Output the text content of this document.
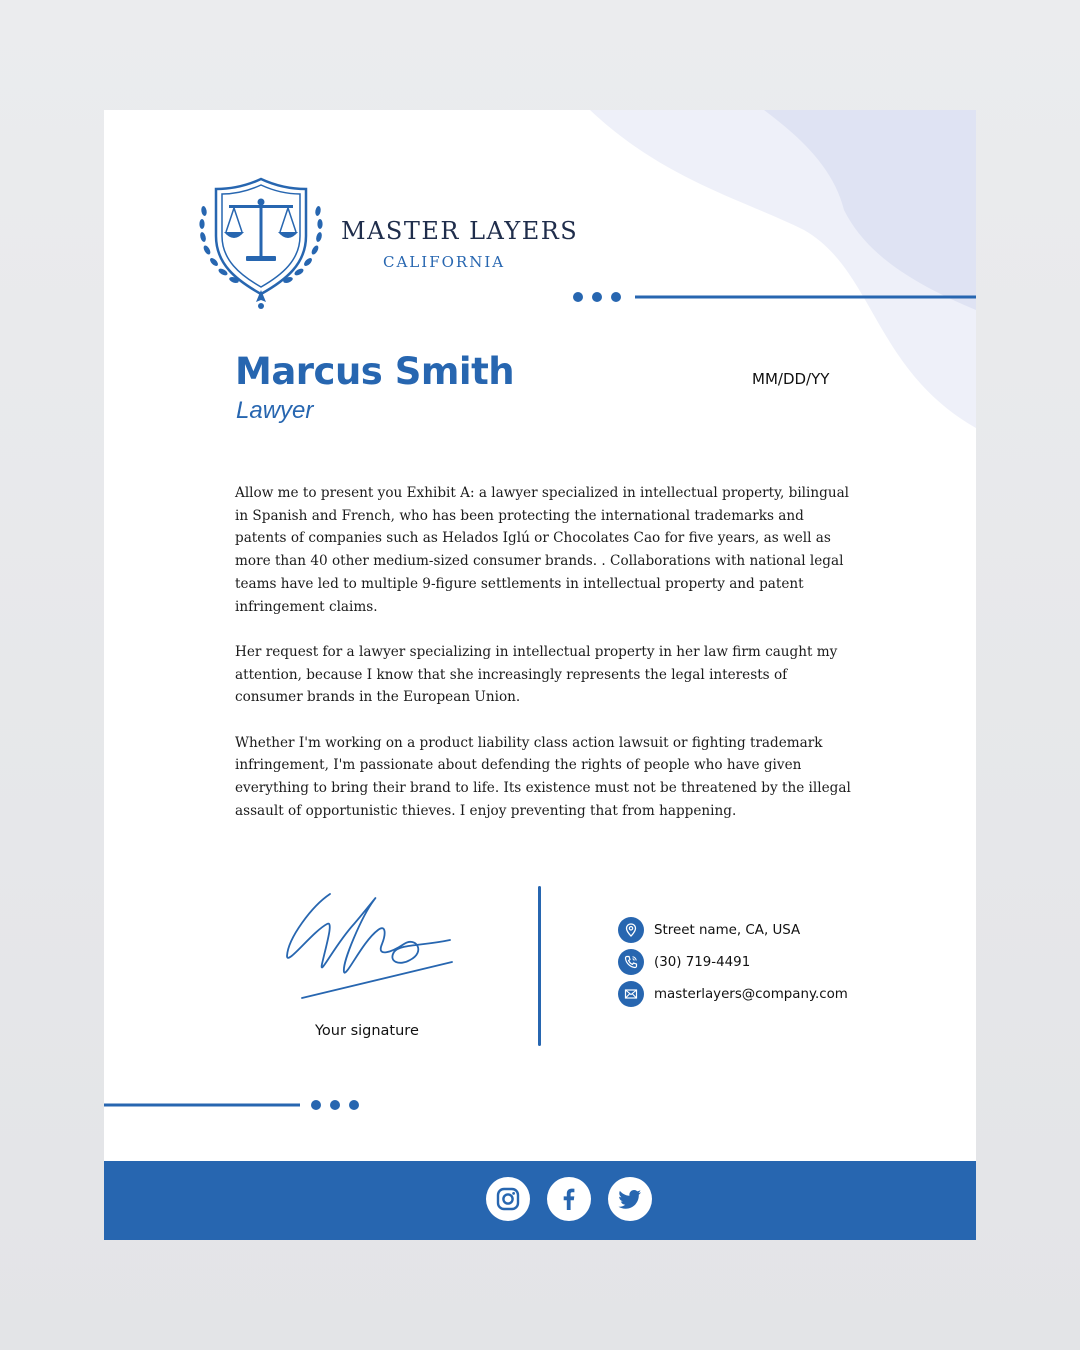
MASTER LAYERS
CALIFORNIA
Marcus Smith
Lawyer
MM/DD/YY

Allow me to present you Exhibit A: a lawyer specialized in intellectual property, bilingual in Spanish and French, who has been protecting the international trademarks and patents of companies such as Helados Iglú or Chocolates Cao for five years, as well as more than 40 other medium-sized consumer brands. . Collaborations with national legal teams have led to multiple 9-figure settlements in intellectual property and patent infringement claims.

Her request for a lawyer specializing in intellectual property in her law firm caught my attention, because I know that she increasingly represents the legal interests of consumer brands in the European Union.

Whether I'm working on a product liability class action lawsuit or fighting trademark infringement, I'm passionate about defending the rights of people who have given everything to bring their brand to life. Its existence must not be threatened by the illegal assault of opportunistic thieves. I enjoy preventing that from happening.

Your signature
Street name, CA, USA
(30) 719-4491
masterlayers@company.com
